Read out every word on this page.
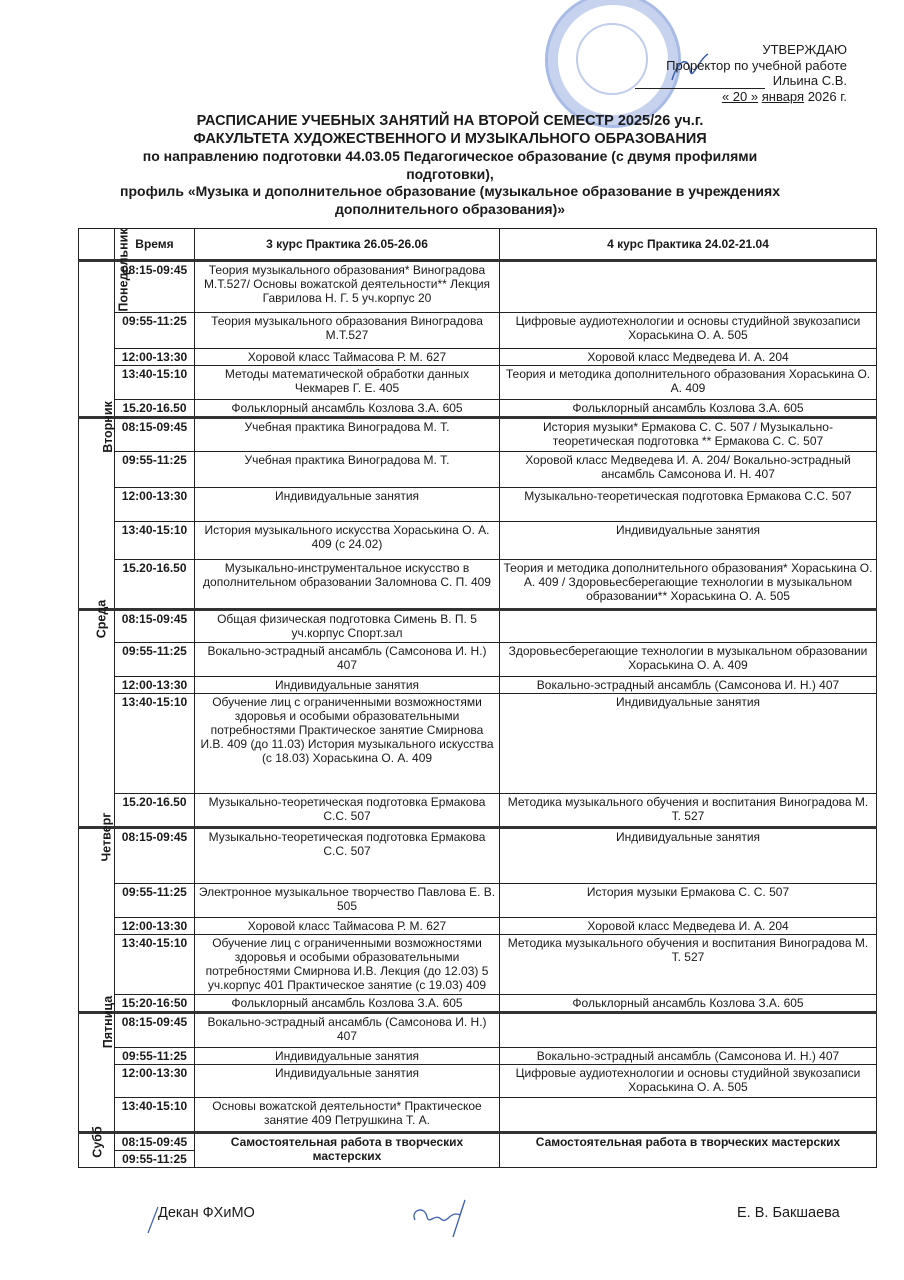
УТВЕРЖДАЮ
Проректор по учебной работе
Ильина С.В.
« 20 » января 2026 г.
РАСПИСАНИЕ УЧЕБНЫХ ЗАНЯТИЙ НА ВТОРОЙ СЕМЕСТР 2025/26 уч.г.
ФАКУЛЬТЕТА ХУДОЖЕСТВЕННОГО И МУЗЫКАЛЬНОГО ОБРАЗОВАНИЯ
по направлению подготовки 44.03.05 Педагогическое образование (с двумя профилями подготовки),
профиль «Музыка и дополнительное образование (музыкальное образование в учреждениях
дополнительного образования)»
	Время	3 курс Практика 26.05-26.06	4 курс Практика 24.02-21.04
Понедельник	08:15-09:45	Теория музыкального образования* Виноградова М.Т.527/ Основы вожатской деятельности** Лекция Гаврилова Н. Г. 5 уч.корпус 20	
	09:55-11:25	Теория музыкального образования Виноградова М.Т.527	Цифровые аудиотехнологии и основы студийной звукозаписи Хораськина О. А. 505
	12:00-13:30	Хоровой класс Таймасова Р. М. 627	Хоровой класс Медведева И. А. 204
	13:40-15:10	Методы математической обработки данных Чекмарев Г. Е. 405	Теория и методика дополнительного образования Хораськина О. А. 409
	15.20-16.50	Фольклорный ансамбль Козлова З.А. 605	Фольклорный ансамбль Козлова З.А. 605
Вторник	08:15-09:45	Учебная практика Виноградова М. Т.	История музыки* Ермакова С. С. 507 / Музыкально-теоретическая подготовка ** Ермакова С. С. 507
	09:55-11:25	Учебная практика Виноградова М. Т.	Хоровой класс Медведева И. А. 204/ Вокально-эстрадный ансамбль Самсонова И. Н. 407
	12:00-13:30	Индивидуальные занятия	Музыкально-теоретическая подготовка Ермакова С.С. 507
	13:40-15:10	История музыкального искусства Хораськина О. А. 409 (с 24.02)	Индивидуальные занятия
	15.20-16.50	Музыкально-инструментальное искусство в дополнительном образовании Заломнова С. П. 409	Теория и методика дополнительного образования* Хораськина О. А. 409 / Здоровьесберегающие технологии в музыкальном образовании** Хораськина О. А. 505
Среда	08:15-09:45	Общая физическая подготовка Симень В. П. 5 уч.корпус Спорт.зал	
	09:55-11:25	Вокально-эстрадный ансамбль (Самсонова И. Н.) 407	Здоровьесберегающие технологии в музыкальном образовании Хораськина О. А. 409
	12:00-13:30	Индивидуальные занятия	Вокально-эстрадный ансамбль (Самсонова И. Н.) 407
	13:40-15:10	Обучение лиц с ограниченными возможностями здоровья и особыми образовательными потребностями Практическое занятие Смирнова И.В. 409 (до 11.03) История музыкального искусства (с 18.03) Хораськина О. А. 409	Индивидуальные занятия
	15.20-16.50	Музыкально-теоретическая подготовка Ермакова С.С. 507	Методика музыкального обучения и воспитания Виноградова М. Т. 527
Четверг	08:15-09:45	Музыкально-теоретическая подготовка Ермакова С.С. 507	Индивидуальные занятия
	09:55-11:25	Электронное музыкальное творчество Павлова Е. В. 505	История музыки Ермакова С. С. 507
	12:00-13:30	Хоровой класс Таймасова Р. М. 627	Хоровой класс Медведева И. А. 204
	13:40-15:10	Обучение лиц с ограниченными возможностями здоровья и особыми образовательными потребностями Смирнова И.В. Лекция (до 12.03) 5 уч.корпус 401 Практическое занятие (с 19.03) 409	Методика музыкального обучения и воспитания Виноградова М. Т. 527
	15:20-16:50	Фольклорный ансамбль Козлова З.А. 605	Фольклорный ансамбль Козлова З.А. 605
Пятница	08:15-09:45	Вокально-эстрадный ансамбль (Самсонова И. Н.) 407	
	09:55-11:25	Индивидуальные занятия	Вокально-эстрадный ансамбль (Самсонова И. Н.) 407
	12:00-13:30	Индивидуальные занятия	Цифровые аудиотехнологии и основы студийной звукозаписи Хораськина О. А. 505
	13:40-15:10	Основы вожатской деятельности* Практическое занятие 409 Петрушкина Т. А.	
Субб	08:15-09:45	Самостоятельная работа в творческих мастерских	Самостоятельная работа в творческих мастерских
	09:55-11:25		
Декан ФХиМО	Е. В. Бакшаева
